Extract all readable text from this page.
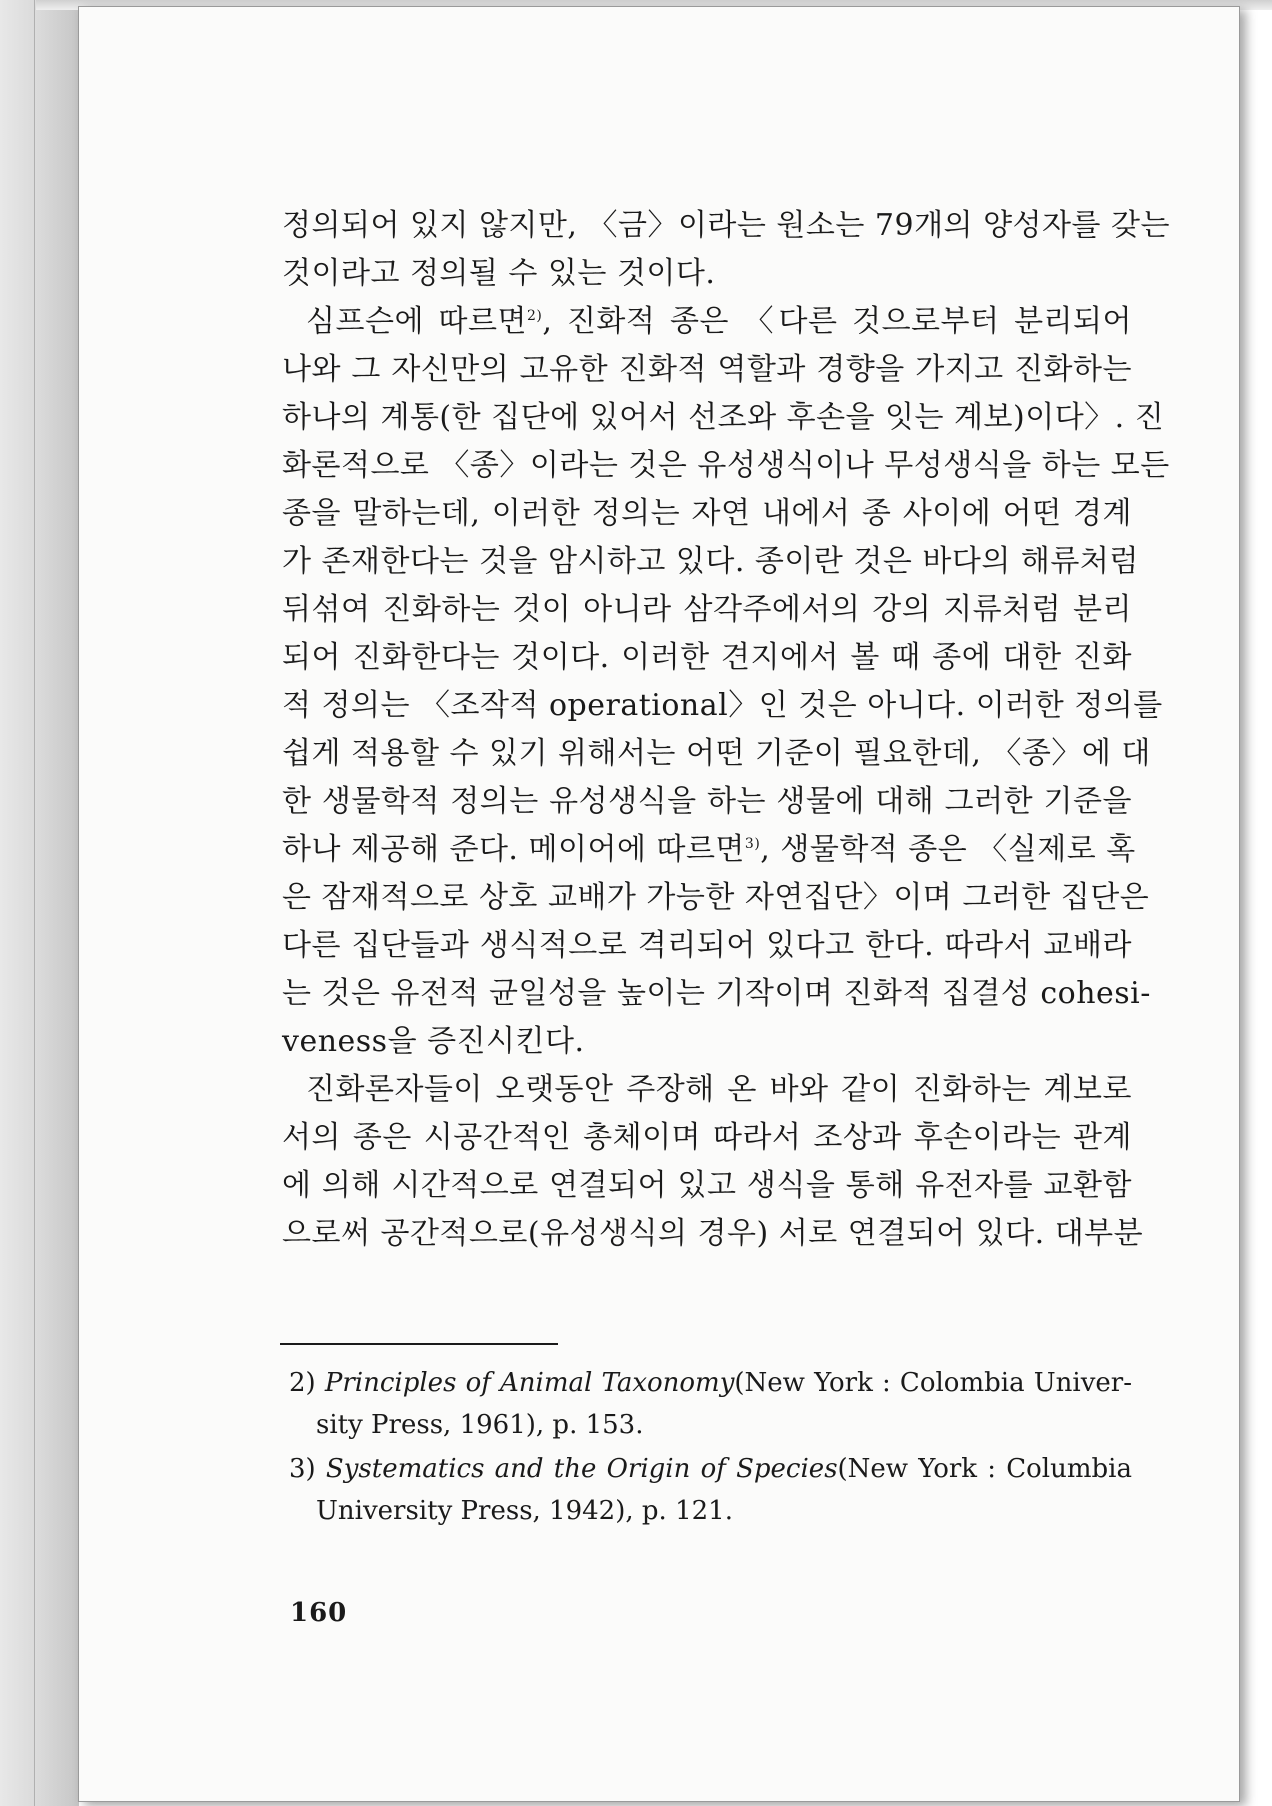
정의되어 있지 않지만, 〈금〉이라는 원소는 79개의 양성자를 갖는
것이라고 정의될 수 있는 것이다.
심프슨에 따르면$^{2)}$, 진화적 종은 〈다른 것으로부터 분리되어
나와 그 자신만의 고유한 진화적 역할과 경향을 가지고 진화하는
하나의 계통(한 집단에 있어서 선조와 후손을 잇는 계보)이다〉. 진
화론적으로 〈종〉이라는 것은 유성생식이나 무성생식을 하는 모든
종을 말하는데, 이러한 정의는 자연 내에서 종 사이에 어떤 경계
가 존재한다는 것을 암시하고 있다. 종이란 것은 바다의 해류처럼
뒤섞여 진화하는 것이 아니라 삼각주에서의 강의 지류처럼 분리
되어 진화한다는 것이다. 이러한 견지에서 볼 때 종에 대한 진화
적 정의는 〈조작적 operational〉인 것은 아니다. 이러한 정의를
쉽게 적용할 수 있기 위해서는 어떤 기준이 필요한데, 〈종〉에 대
한 생물학적 정의는 유성생식을 하는 생물에 대해 그러한 기준을
하나 제공해 준다. 메이어에 따르면$^{3)}$, 생물학적 종은 〈실제로 혹
은 잠재적으로 상호 교배가 가능한 자연집단〉이며 그러한 집단은
다른 집단들과 생식적으로 격리되어 있다고 한다. 따라서 교배라
는 것은 유전적 균일성을 높이는 기작이며 진화적 집결성 cohesi-
veness을 증진시킨다.
진화론자들이 오랫동안 주장해 온 바와 같이 진화하는 계보로
서의 종은 시공간적인 총체이며 따라서 조상과 후손이라는 관계
에 의해 시간적으로 연결되어 있고 생식을 통해 유전자를 교환함
으로써 공간적으로(유성생식의 경우) 서로 연결되어 있다. 대부분
2) Principles of Animal Taxonomy(New York : Colombia Univer-
sity Press, 1961), p. 153.
3) Systematics and the Origin of Species(New York : Columbia
University Press, 1942), p. 121.
160
